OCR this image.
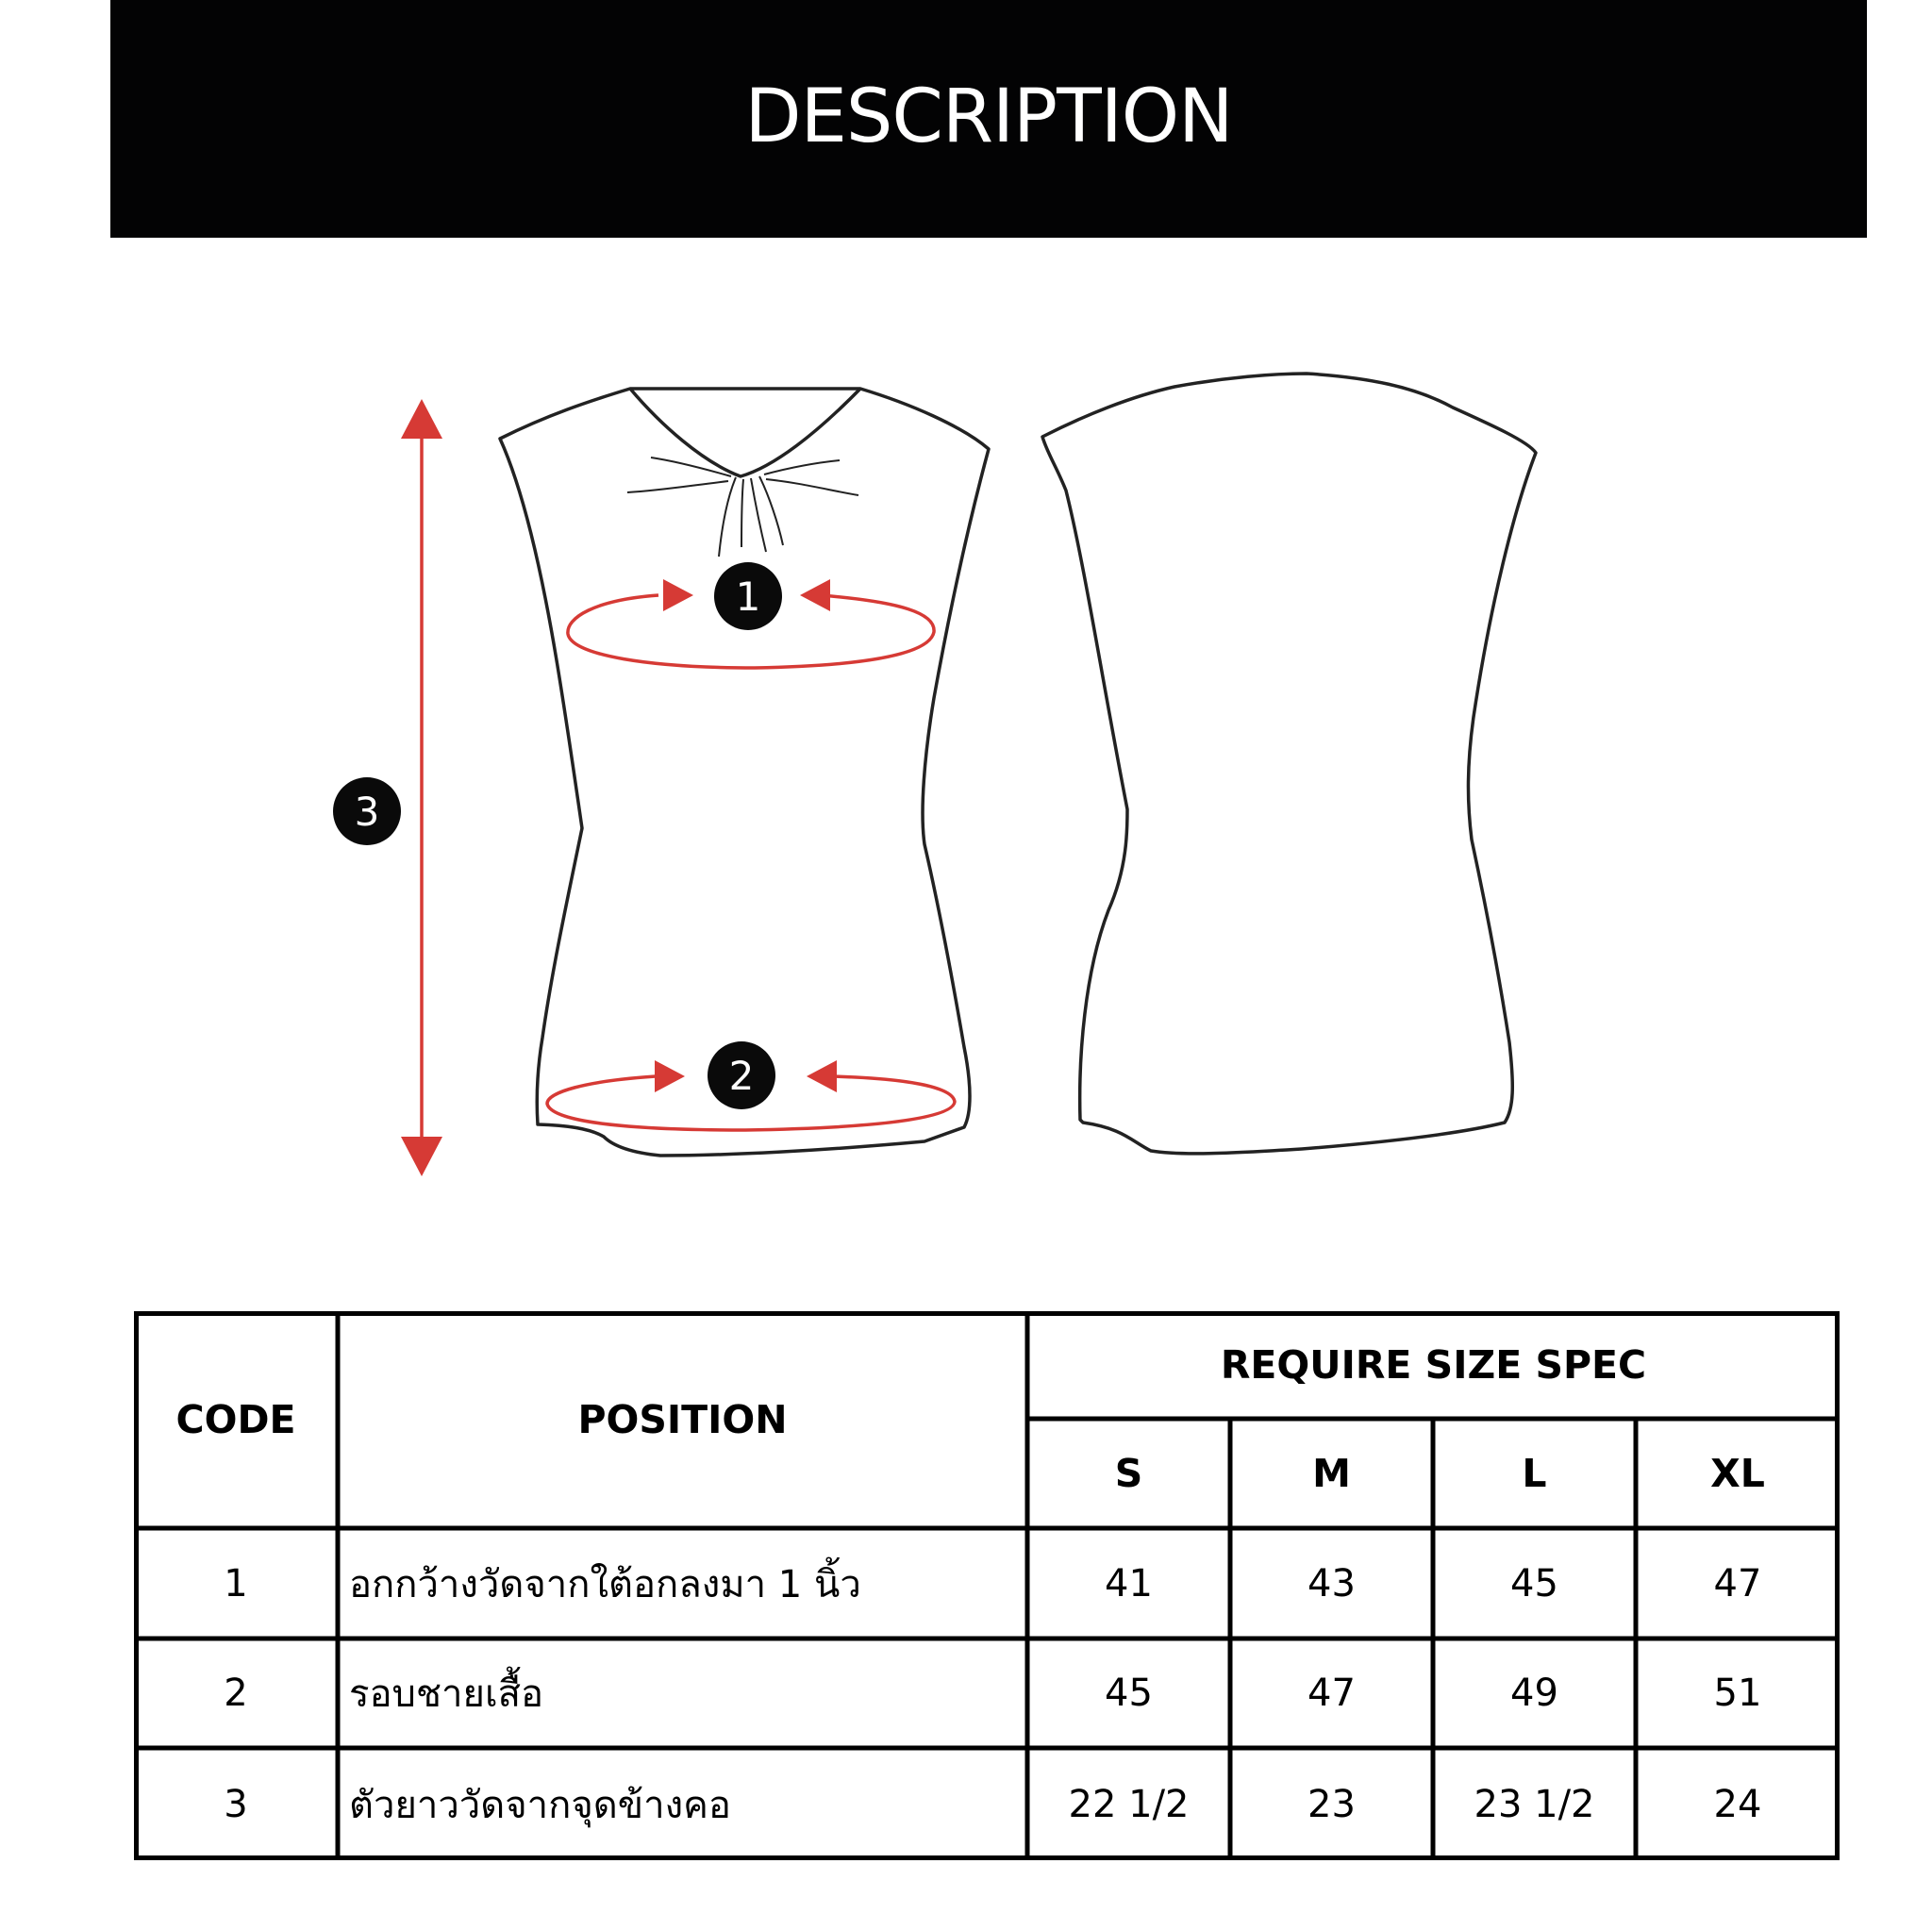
DESCRIPTION
1
2
3
CODE	POSITION
REQUIRE SIZE SPEC
S	M	L	XL
1	อกกว้างวัดจากใต้อกลงมา 1 นิ้ว	41	43	45	47
2	รอบชายเสื้อ	45	47	49	51
3	ตัวยาววัดจากจุดข้างคอ	22 1/2	23	23 1/2	24
